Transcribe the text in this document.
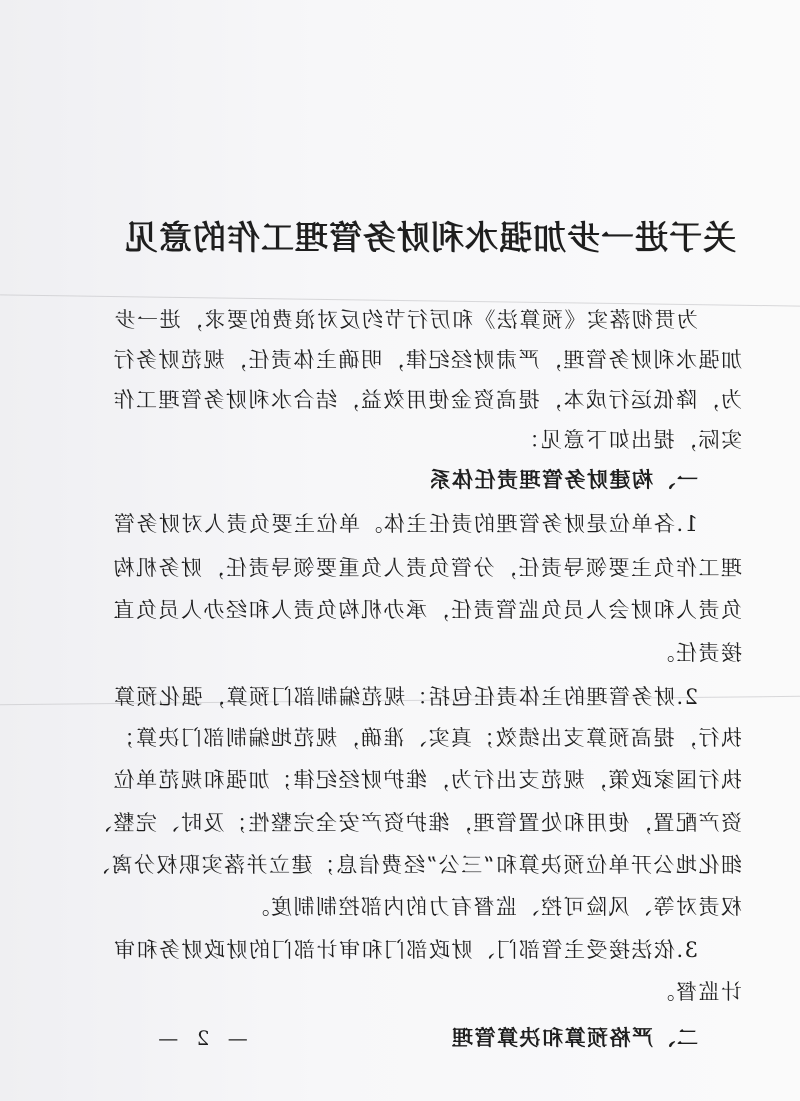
关于进一步加强水利财务管理工作的意见
为贯彻落实《预算法》和厉行节约反对浪费的要求，进一步
加强水利财务管理，严肃财经纪律，明确主体责任，规范财务行
为，降低运行成本，提高资金使用效益，结合水利财务管理工作
实际，提出如下意见：
一、构建财务管理责任体系
1.各单位是财务管理的责任主体。单位主要负责人对财务管
理工作负主要领导责任，分管负责人负重要领导责任，财务机构
负责人和财会人员负监管责任，承办机构负责人和经办人员负直
接责任。
2.财务管理的主体责任包括：规范编制部门预算，强化预算
执行，提高预算支出绩效；真实、准确，规范地编制部门决算；
执行国家政策，规范支出行为，维护财经纪律；加强和规范单位
资产配置，使用和处置管理，维护资产安全完整性；及时、完整、
细化地公开单位预决算和“三公”经费信息；建立并落实职权分离、
权责对等、风险可控、监督有力的内部控制制度。
3.依法接受主管部门、财政部门和审计部门的财政财务和审
计监督。
二、严格预算和决算管理
— 2 —
